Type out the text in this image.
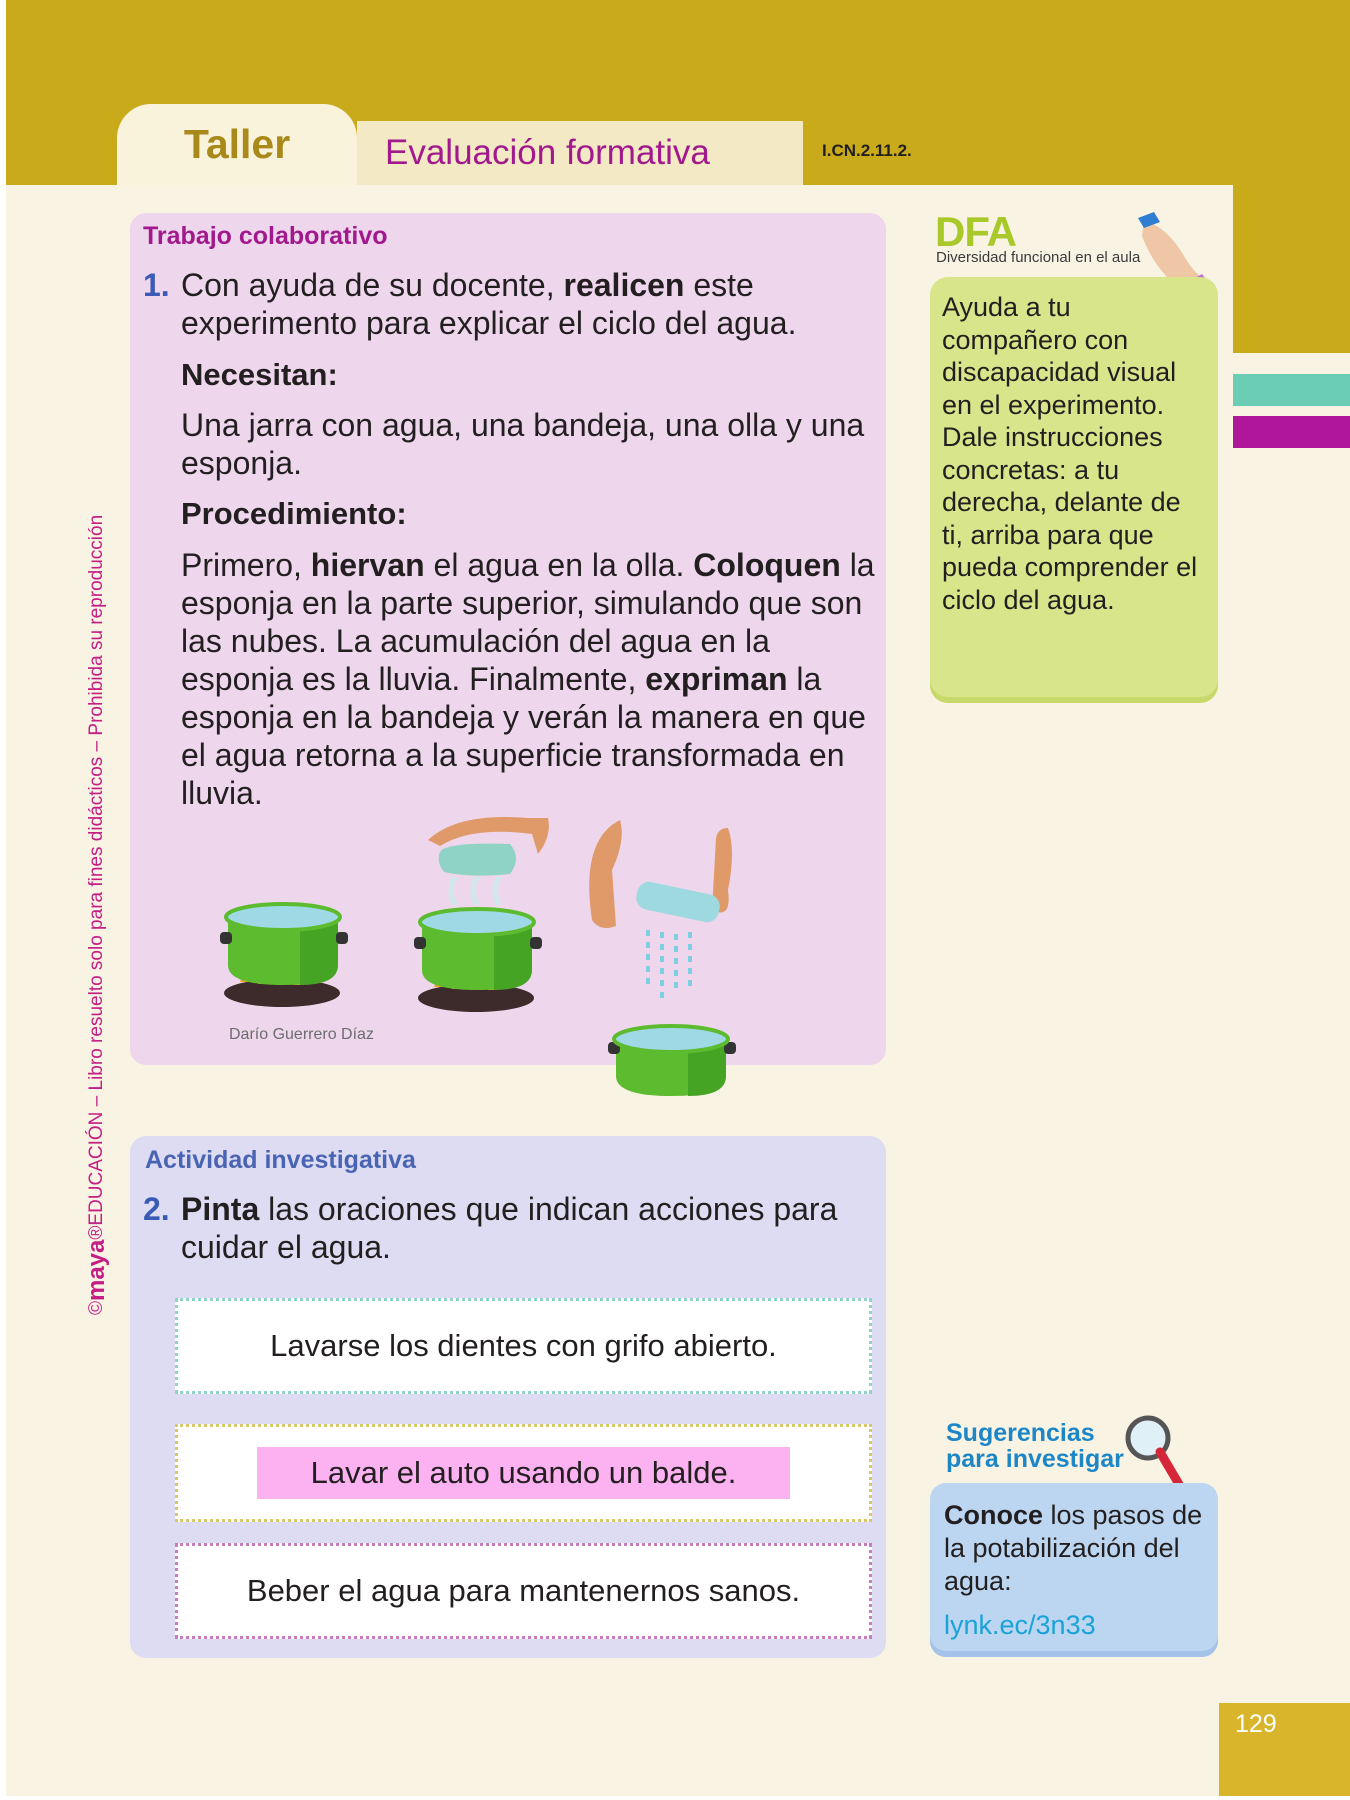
Taller	Evaluación formativa	I.CN.2.11.2.
©
maya
®EDUCACIÓN – Libro resuelto solo para fines didácticos – Prohibida su reproducción
Trabajo colaborativo
1. Con ayuda de su docente, realicen este experimento para explicar el ciclo del agua.
Necesitan:
Una jarra con agua, una bandeja, una olla y una esponja.
Procedimiento:
Primero, hiervan el agua en la olla. Coloquen la esponja en la parte superior, simulando que son las nubes. La acumulación del agua en la esponja es la lluvia. Finalmente, expriman la esponja en la bandeja y verán la manera en que el agua retorna a la superficie transformada en lluvia.
Darío Guerrero Díaz
DFA
Diversidad funcional en el aula
Ayuda a tu compañero con discapacidad visual en el experimento. Dale instrucciones concretas: a tu derecha, delante de ti, arriba para que pueda comprender el ciclo del agua.
Actividad investigativa
2. Pinta las oraciones que indican acciones para cuidar el agua.
Lavarse los dientes con grifo abierto.
Lavar el auto usando un balde.
Beber el agua para mantenernos sanos.
Sugerencias
para investigar
Conoce los pasos de la potabilización del agua:
lynk.ec/3n33
129
